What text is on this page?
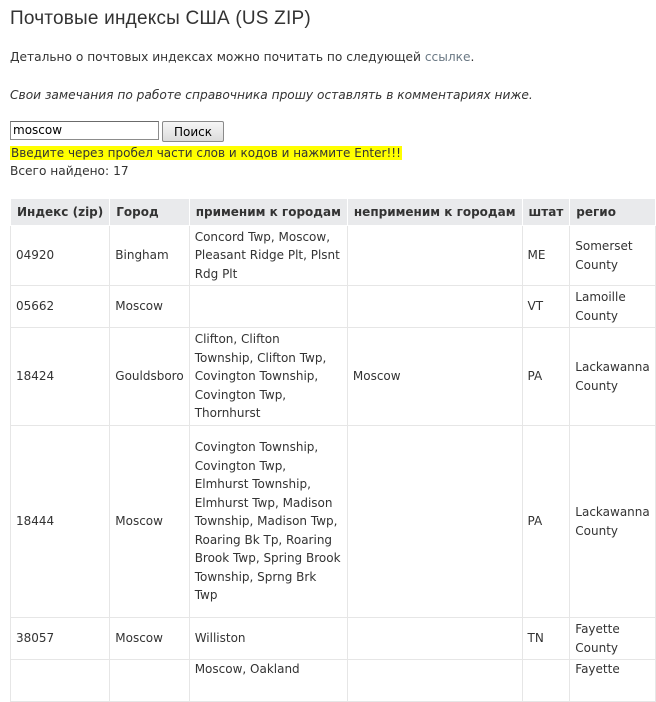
Почтовые индексы США (US ZIP)
Детально о почтовых индексах можно почитать по следующей ссылке.
Свои замечания по работе справочника прошу оставлять в комментариях ниже.
moscow
Поиск
Введите через пробел части слов и кодов и нажмите Enter!!!
Всего найдено: 17
Индекс (zip)	Город	применим к городам	неприменим к городам	штат	регио
04920	Bingham	Concord Twp, Moscow, Pleasant Ridge Plt, Plsnt Rdg Plt		ME	Somerset County
05662	Moscow			VT	Lamoille County
18424	Gouldsboro	Clifton, Clifton Township, Clifton Twp, Covington Township, Covington Twp, Thornhurst	Moscow	PA	Lackawanna County
18444	Moscow	Covington Township, Covington Twp, Elmhurst Township, Elmhurst Twp, Madison Township, Madison Twp, Roaring Bk Tp, Roaring Brook Twp, Spring Brook Township, Sprng Brk Twp		PA	Lackawanna County
38057	Moscow	Williston		TN	Fayette County
		Moscow, Oakland			Fayette
